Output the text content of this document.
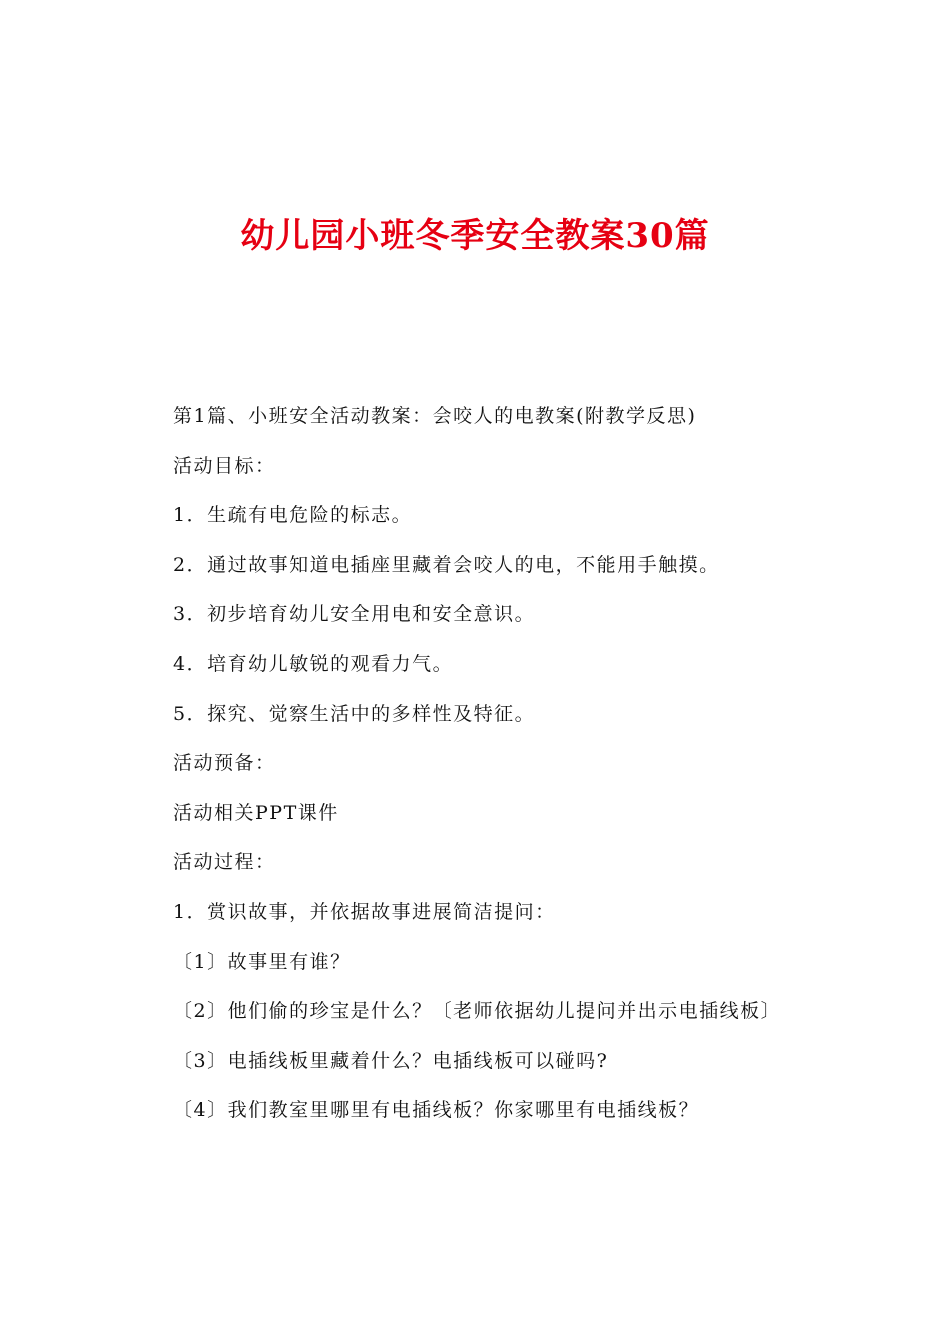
幼儿园小班冬季安全教案30篇
第1篇、小班安全活动教案：会咬人的电教案(附教学反思)
活动目标：
1．生疏有电危险的标志。
2．通过故事知道电插座里藏着会咬人的电，不能用手触摸。
3．初步培育幼儿安全用电和安全意识。
4．培育幼儿敏锐的观看力气。
5．探究、觉察生活中的多样性及特征。
活动预备：
活动相关PPT课件
活动过程：
1．赏识故事，并依据故事进展简洁提问：
〔1〕故事里有谁？
〔2〕他们偷的珍宝是什么？〔老师依据幼儿提问并出示电插线板〕
〔3〕电插线板里藏着什么？电插线板可以碰吗?
〔4〕我们教室里哪里有电插线板？你家哪里有电插线板？
